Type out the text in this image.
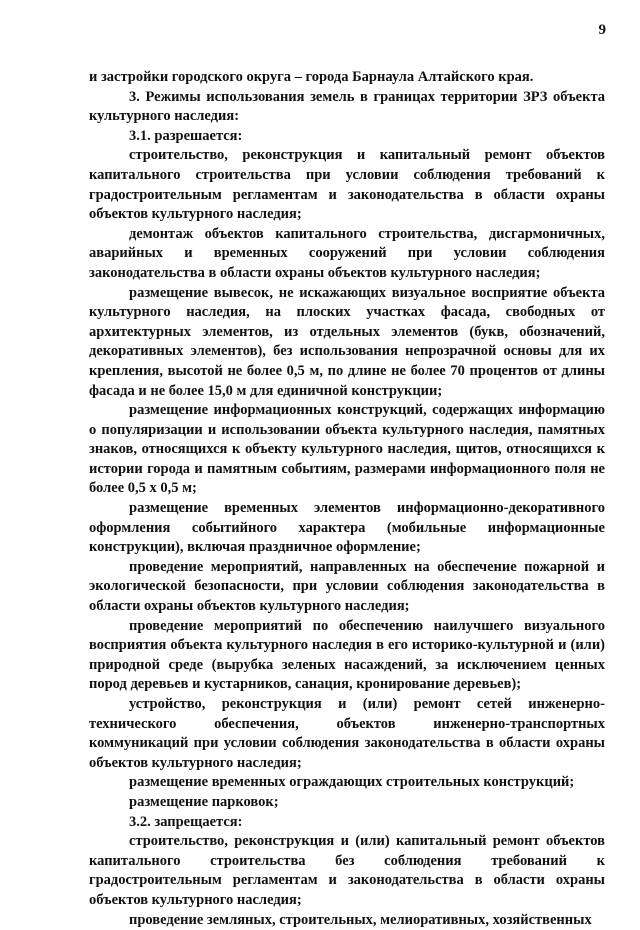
9

и застройки городского округа – города Барнаула Алтайского края.

3. Режимы использования земель в границах территории ЗРЗ объекта культурного наследия:

3.1. разрешается:

строительство, реконструкция и капитальный ремонт объектов капитального строительства при условии соблюдения требований к градостроительным регламентам и законодательства в области охраны объектов культурного наследия;

демонтаж объектов капитального строительства, дисгармоничных, аварийных и временных сооружений при условии соблюдения законодательства в области охраны объектов культурного наследия;

размещение вывесок, не искажающих визуальное восприятие объекта культурного наследия, на плоских участках фасада, свободных от архитектурных элементов, из отдельных элементов (букв, обозначений, декоративных элементов), без использования непрозрачной основы для их крепления, высотой не более 0,5 м, по длине не более 70 процентов от длины фасада и не более 15,0 м для единичной конструкции;

размещение информационных конструкций, содержащих информацию о популяризации и использовании объекта культурного наследия, памятных знаков, относящихся к объекту культурного наследия, щитов, относящихся к истории города и памятным событиям, размерами информационного поля не более 0,5 х 0,5 м;

размещение временных элементов информационно-декоративного оформления событийного характера (мобильные информационные конструкции), включая праздничное оформление;

проведение мероприятий, направленных на обеспечение пожарной и экологической безопасности, при условии соблюдения законодательства в области охраны объектов культурного наследия;

проведение мероприятий по обеспечению наилучшего визуального восприятия объекта культурного наследия в его историко-культурной и (или) природной среде (вырубка зеленых насаждений, за исключением ценных пород деревьев и кустарников, санация, кронирование деревьев);

устройство, реконструкция и (или) ремонт сетей инженерно-технического обеспечения, объектов инженерно-транспортных коммуникаций при условии соблюдения законодательства в области охраны объектов культурного наследия;

размещение временных ограждающих строительных конструкций;

размещение парковок;

3.2. запрещается:

строительство, реконструкция и (или) капитальный ремонт объектов капитального строительства без соблюдения требований к градостроительным регламентам и законодательства в области охраны объектов культурного наследия;

проведение земляных, строительных, мелиоративных, хозяйственных
